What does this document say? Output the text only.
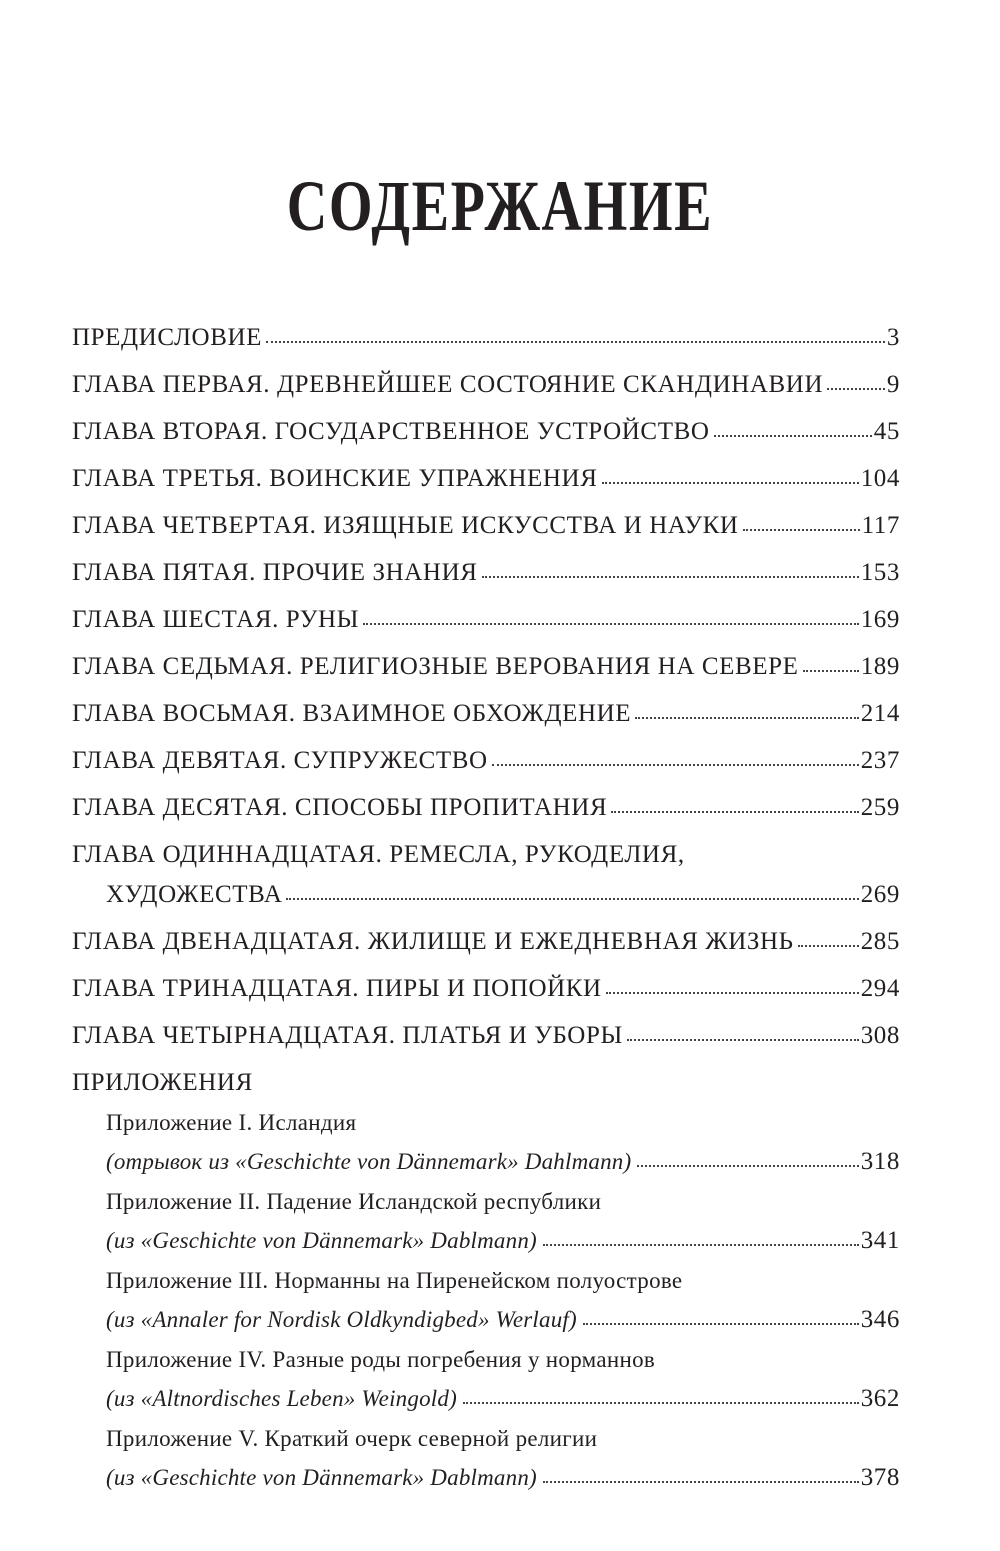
СОДЕРЖАНИЕ
ПРЕДИСЛОВИЕ	3
ГЛАВА ПЕРВАЯ. ДРЕВНЕЙШЕЕ СОСТОЯНИЕ СКАНДИНАВИИ	9
ГЛАВА ВТОРАЯ. ГОСУДАРСТВЕННОЕ УСТРОЙСТВО	45
ГЛАВА ТРЕТЬЯ. ВОИНСКИЕ УПРАЖНЕНИЯ	104
ГЛАВА ЧЕТВЕРТАЯ. ИЗЯЩНЫЕ ИСКУССТВА И НАУКИ	117
ГЛАВА ПЯТАЯ. ПРОЧИЕ ЗНАНИЯ	153
ГЛАВА ШЕСТАЯ. РУНЫ	169
ГЛАВА СЕДЬМАЯ. РЕЛИГИОЗНЫЕ ВЕРОВАНИЯ НА СЕВЕРЕ 189
ГЛАВА ВОСЬМАЯ. ВЗАИМНОЕ ОБХОЖДЕНИЕ	214
ГЛАВА ДЕВЯТАЯ. СУПРУЖЕСТВО	237
ГЛАВА ДЕСЯТАЯ. СПОСОБЫ ПРОПИТАНИЯ	259
ГЛАВА ОДИННАДЦАТАЯ. РЕМЕСЛА, РУКОДЕЛИЯ,
ХУДОЖЕСТВА	269
ГЛАВА ДВЕНАДЦАТАЯ. ЖИЛИЩЕ И ЕЖЕДНЕВНАЯ ЖИЗНЬ	285
ГЛАВА ТРИНАДЦАТАЯ. ПИРЫ И ПОПОЙКИ	294
ГЛАВА ЧЕТЫРНАДЦАТАЯ. ПЛАТЬЯ И УБОРЫ	308
ПРИЛОЖЕНИЯ
Приложение I. Исландия
(отрывок из «Geschichte von Dännemark» Dahlmann)	318
Приложение II. Падение Исландской республики
(из «Geschichte von Dännemark» Dablmann)	341
Приложение III. Норманны на Пиренейском полуострове
(из «Annaler for Nordisk Oldkyndigbed» Werlauf)	346
Приложение IV. Разные роды погребения у норманнов
(из «Altnordisches Leben» Weingold)	362
Приложение V. Краткий очерк северной религии
(из «Geschichte von Dännemark» Dablmann)	378
